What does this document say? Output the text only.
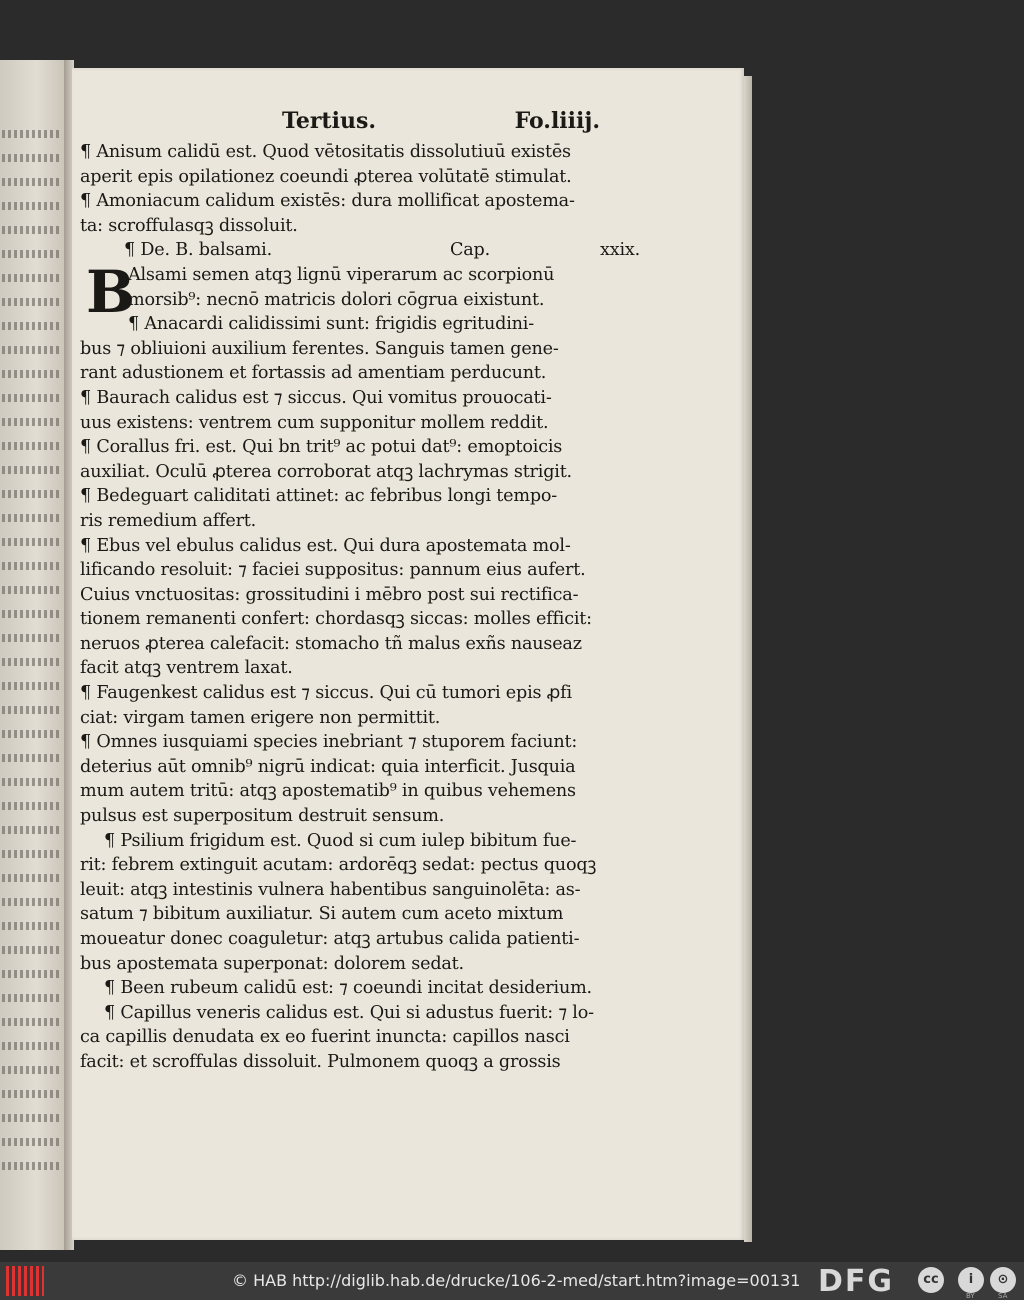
Tertius.	Fo.liiij.
B
¶ Anisum calidū est. Quod vētositatis dissolutiuū existēs
aperit epis opilationez coeundi ꝓterea volūtatē stimulat.
¶ Amoniacum calidum existēs: dura mollificat apostema-
ta: scroffulasqꝫ dissoluit.
¶ De. B. balsami.	Cap.	xxix.
Alsami semen atqꝫ lignū viperarum ac scorpionū
morsib⁹: necnō matricis dolori cōgrua eixistunt.
¶ Anacardi calidissimi sunt: frigidis egritudini-
bus ⁊ obliuioni auxilium ferentes. Sanguis tamen gene-
rant adustionem et fortassis ad amentiam perducunt.
¶ Baurach calidus est ⁊ siccus. Qui vomitus prouocati-
uus existens: ventrem cum supponitur mollem reddit.
¶ Corallus fri. est. Qui bn trit⁹ ac potui dat⁹: emoptoicis
auxiliat. Oculū ꝓterea corroborat atqꝫ lachrymas strigit.
¶ Bedeguart caliditati attinet: ac febribus longi tempo-
ris remedium affert.
¶ Ebus vel ebulus calidus est. Qui dura apostemata mol-
lificando resoluit: ⁊ faciei suppositus: pannum eius aufert.
Cuius vnctuositas: grossitudini i mēbro post sui rectifica-
tionem remanenti confert: chordasqꝫ siccas: molles efficit:
neruos ꝓterea calefacit: stomacho tñ malus exñs nauseaz
facit atqꝫ ventrem laxat.
¶ Faugenkest calidus est ⁊ siccus. Qui cū tumori epis ꝓfi
ciat: virgam tamen erigere non permittit.
¶ Omnes iusquiami species inebriant ⁊ stuporem faciunt:
deterius aūt omnib⁹ nigrū indicat: quia interficit. Jusquia
mum autem tritū: atqꝫ apostematib⁹ in quibus vehemens
pulsus est superpositum destruit sensum.
¶ Psilium frigidum est. Quod si cum iulep bibitum fue-
rit: febrem extinguit acutam: ardorēqꝫ sedat: pectus quoqꝫ
leuit: atqꝫ intestinis vulnera habentibus sanguinolēta: as-
satum ⁊ bibitum auxiliatur. Si autem cum aceto mixtum
moueatur donec coaguletur: atqꝫ artubus calida patienti-
bus apostemata superponat: dolorem sedat.
¶ Been rubeum calidū est: ⁊ coeundi incitat desiderium.
¶ Capillus veneris calidus est. Qui si adustus fuerit: ⁊ lo-
ca capillis denudata ex eo fuerint inuncta: capillos nasci
facit: et scroffulas dissoluit. Pulmonem quoqꝫ a grossis
© HAB http://diglib.hab.de/drucke/106-2-med/start.htm?image=00131 DFG	cc	i	⊙
BY	SA
